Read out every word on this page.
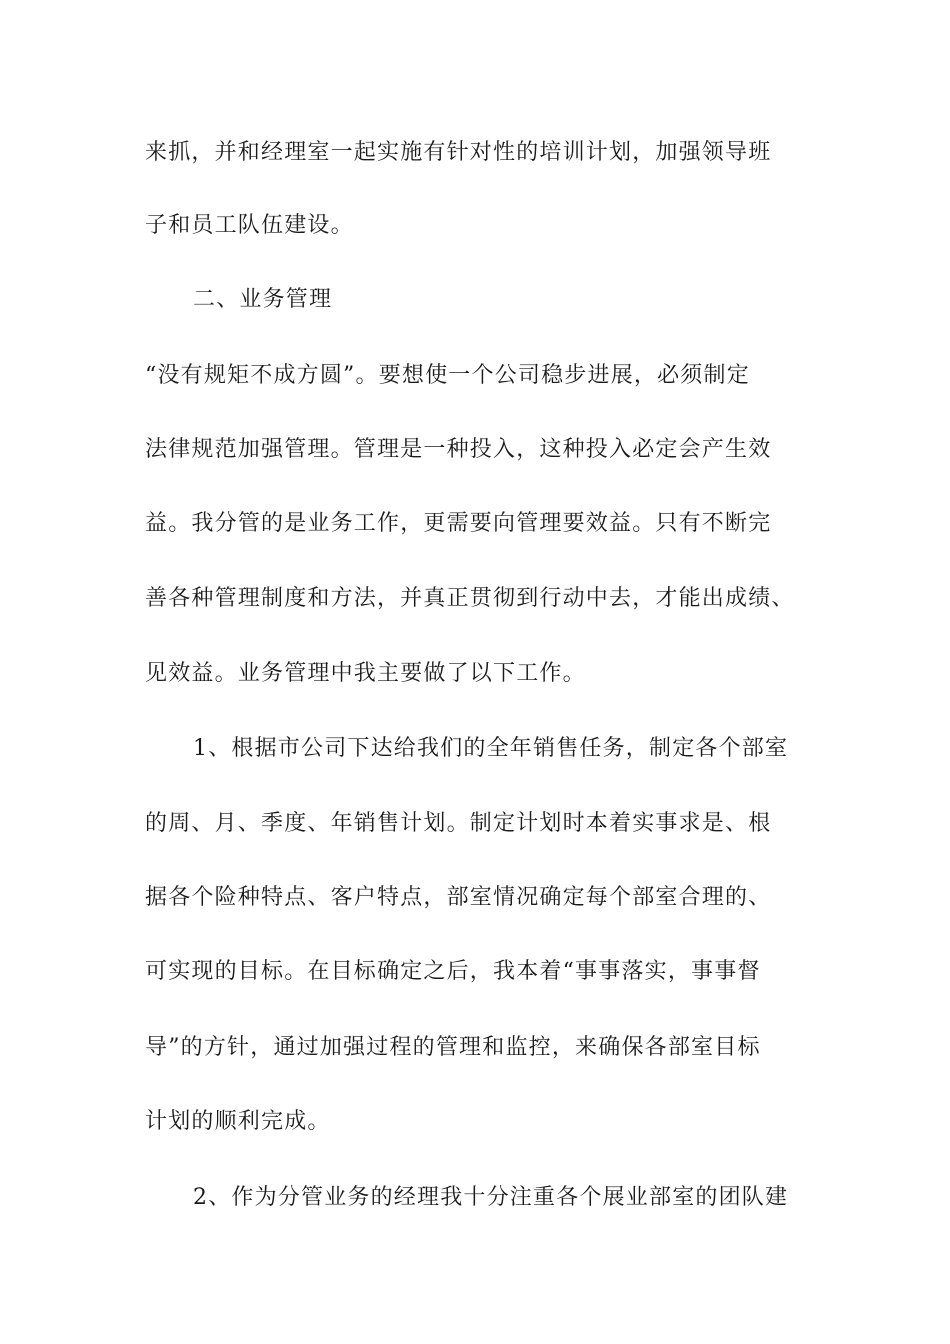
来抓，并和经理室一起实施有针对性的培训计划，加强领导班
子和员工队伍建设。
二、业务管理
“没有规矩不成方圆”。要想使一个公司稳步进展，必须制定
法律规范加强管理。管理是一种投入，这种投入必定会产生效
益。我分管的是业务工作，更需要向管理要效益。只有不断完
善各种管理制度和方法，并真正贯彻到行动中去，才能出成绩、
见效益。业务管理中我主要做了以下工作。
1、根据市公司下达给我们的全年销售任务，制定各个部室
的周、月、季度、年销售计划。制定计划时本着实事求是、根
据各个险种特点、客户特点，部室情况确定每个部室合理的、
可实现的目标。在目标确定之后，我本着“事事落实，事事督
导”的方针，通过加强过程的管理和监控，来确保各部室目标
计划的顺利完成。
2、作为分管业务的经理我十分注重各个展业部室的团队建
